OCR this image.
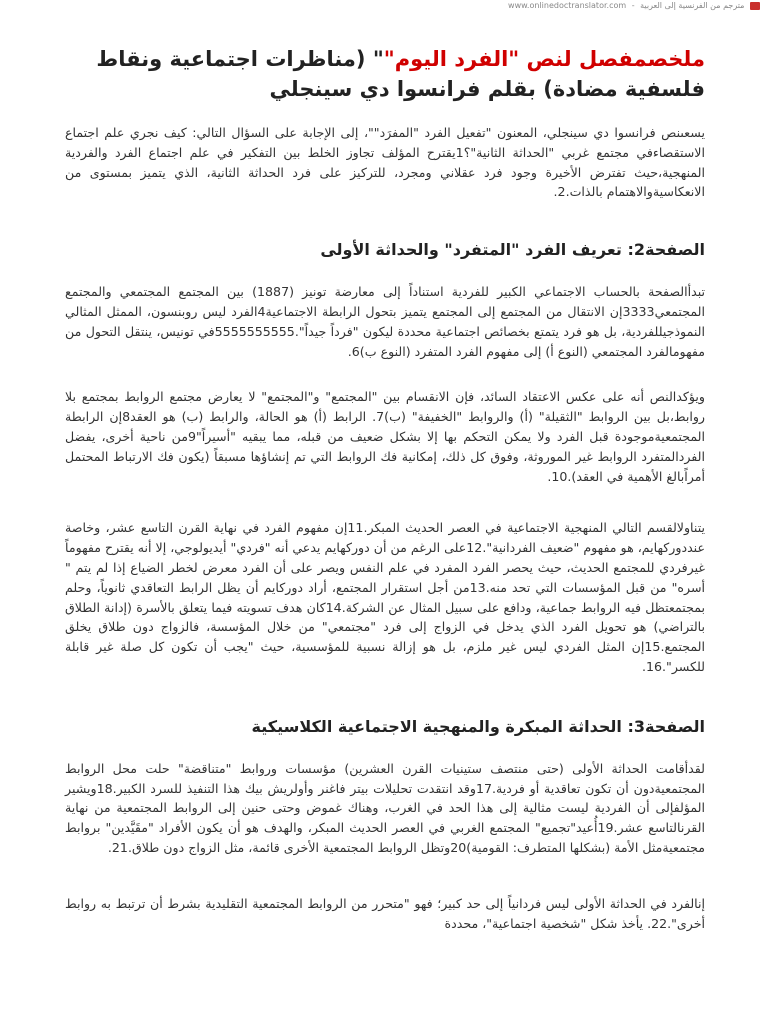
www.onlinedoctranslator.com - مترجم من الفرنسية إلى العربية
ملخصمفصل لنص "الفرد اليوم"" (مناظرات اجتماعية ونقاط فلسفية مضادة) بقلم فرانسوا دي سينجلي

يسعىنص فرانسوا دي سينجلي، المعنون "تفعيل الفرد "المفرَد""، إلى الإجابة على السؤال التالي: كيف نجري علم اجتماع الاستقصاءفي مجتمع غربي "الحداثة الثانية"؟1يقترح المؤلف تجاوز الخلط بين التفكير في علم اجتماع الفرد والفردية المنهجية،حيث تفترض الأخيرة وجود فرد عقلاني ومجرد، للتركيز على فرد الحداثة الثانية، الذي يتميز بمستوى من الانعكاسيةوالاهتمام بالذات.2.

الصفحة2: تعريف الفرد "المتفرد" والحداثة الأولى

تبدأالصفحة بالحساب الاجتماعي الكبير للفردية استناداً إلى معارضة تونيز (1887) بين المجتمع المجتمعي والمجتمع المجتمعي3333إن الانتقال من المجتمع إلى المجتمع يتميز بتحول الرابطة الاجتماعية4الفرد ليس روبنسون، الممثل المثالي النموذجيللفردية، بل هو فرد يتمتع بخصائص اجتماعية محددة ليكون "فرداً جيداً".5555555555في تونيس، ينتقل التحول من مفهومالفرد المجتمعي (النوع أ) إلى مفهوم الفرد المتفرد (النوع ب)6.

ويؤكدالنص أنه على عكس الاعتقاد السائد، فإن الانقسام بين "المجتمع" و"المجتمع" لا يعارض مجتمع الروابط بمجتمع بلا روابط،بل بين الروابط "الثقيلة" (أ) والروابط "الخفيفة" (ب)7. الرابط (أ) هو الحالة، والرابط (ب) هو العقد8إن الرابطة المجتمعيةموجودة قبل الفرد ولا يمكن التحكم بها إلا بشكل ضعيف من قبله، مما يبقيه "أسيراً"9من ناحية أخرى، يفضل الفردالمتفرد الروابط غير الموروثة، وفوق كل ذلك، إمكانية فك الروابط التي تم إنشاؤها مسبقاً (يكون فك الارتباط المحتمل أمراًبالغ الأهمية في العقد).10.

يتناولالقسم التالي المنهجية الاجتماعية في العصر الحديث المبكر.11إن مفهوم الفرد في نهاية القرن التاسع عشر، وخاصة عنددوركهايم، هو مفهوم "ضعيف الفردانية".12على الرغم من أن دوركهايم يدعي أنه "فردي" أيديولوجي، إلا أنه يقترح مفهوماً غيرفردي للمجتمع الحديث، حيث يحصر الفرد المفرد في علم النفس ويصر على أن الفرد معرض لخطر الضياع إذا لم يتم " أسره" من قبل المؤسسات التي تحد منه.13من أجل استقرار المجتمع، أراد دوركايم أن يظل الرابط التعاقدي ثانوياً، وحلم بمجتمعتظل فيه الروابط جماعية، ودافع على سبيل المثال عن الشركة.14كان هدف تسويته فيما يتعلق بالأسرة (إدانة الطلاق بالتراضي) هو تحويل الفرد الذي يدخل في الزواج إلى فرد "مجتمعي" من خلال المؤسسة، فالزواج دون طلاق يخلق المجتمع.15إن المثل الفردي ليس غير ملزم، بل هو إزالة نسبية للمؤسسية، حيث "يجب أن تكون كل صلة غير قابلة للكسر".16.

الصفحة3: الحداثة المبكرة والمنهجية الاجتماعية الكلاسيكية

لقدأقامت الحداثة الأولى (حتى منتصف ستينيات القرن العشرين) مؤسسات وروابط "متناقضة" حلت محل الروابط المجتمعيةدون أن تكون تعاقدية أو فردية.17وقد انتقدت تحليلات بيتر فاغنر وأولريش بيك هذا التنفيذ للسرد الكبير.18ويشير المؤلفإلى أن الفردية ليست مثالية إلى هذا الحد في الغرب، وهناك غموض وحتى حنين إلى الروابط المجتمعية من نهاية القرنالتاسع عشر.19أُعيد"تجميع" المجتمع الغربي في العصر الحديث المبكر، والهدف هو أن يكون الأفراد "مقَيَّدين" بروابط مجتمعيةمثل الأمة (بشكلها المتطرف: القومية)20وتظل الروابط المجتمعية الأخرى قائمة، مثل الزواج دون طلاق.21.

إنالفرد في الحداثة الأولى ليس فردانياً إلى حد كبير؛ فهو "متحرر من الروابط المجتمعية التقليدية بشرط أن ترتبط به روابط أخرى".22. يأخذ شكل "شخصية اجتماعية"، محددة
